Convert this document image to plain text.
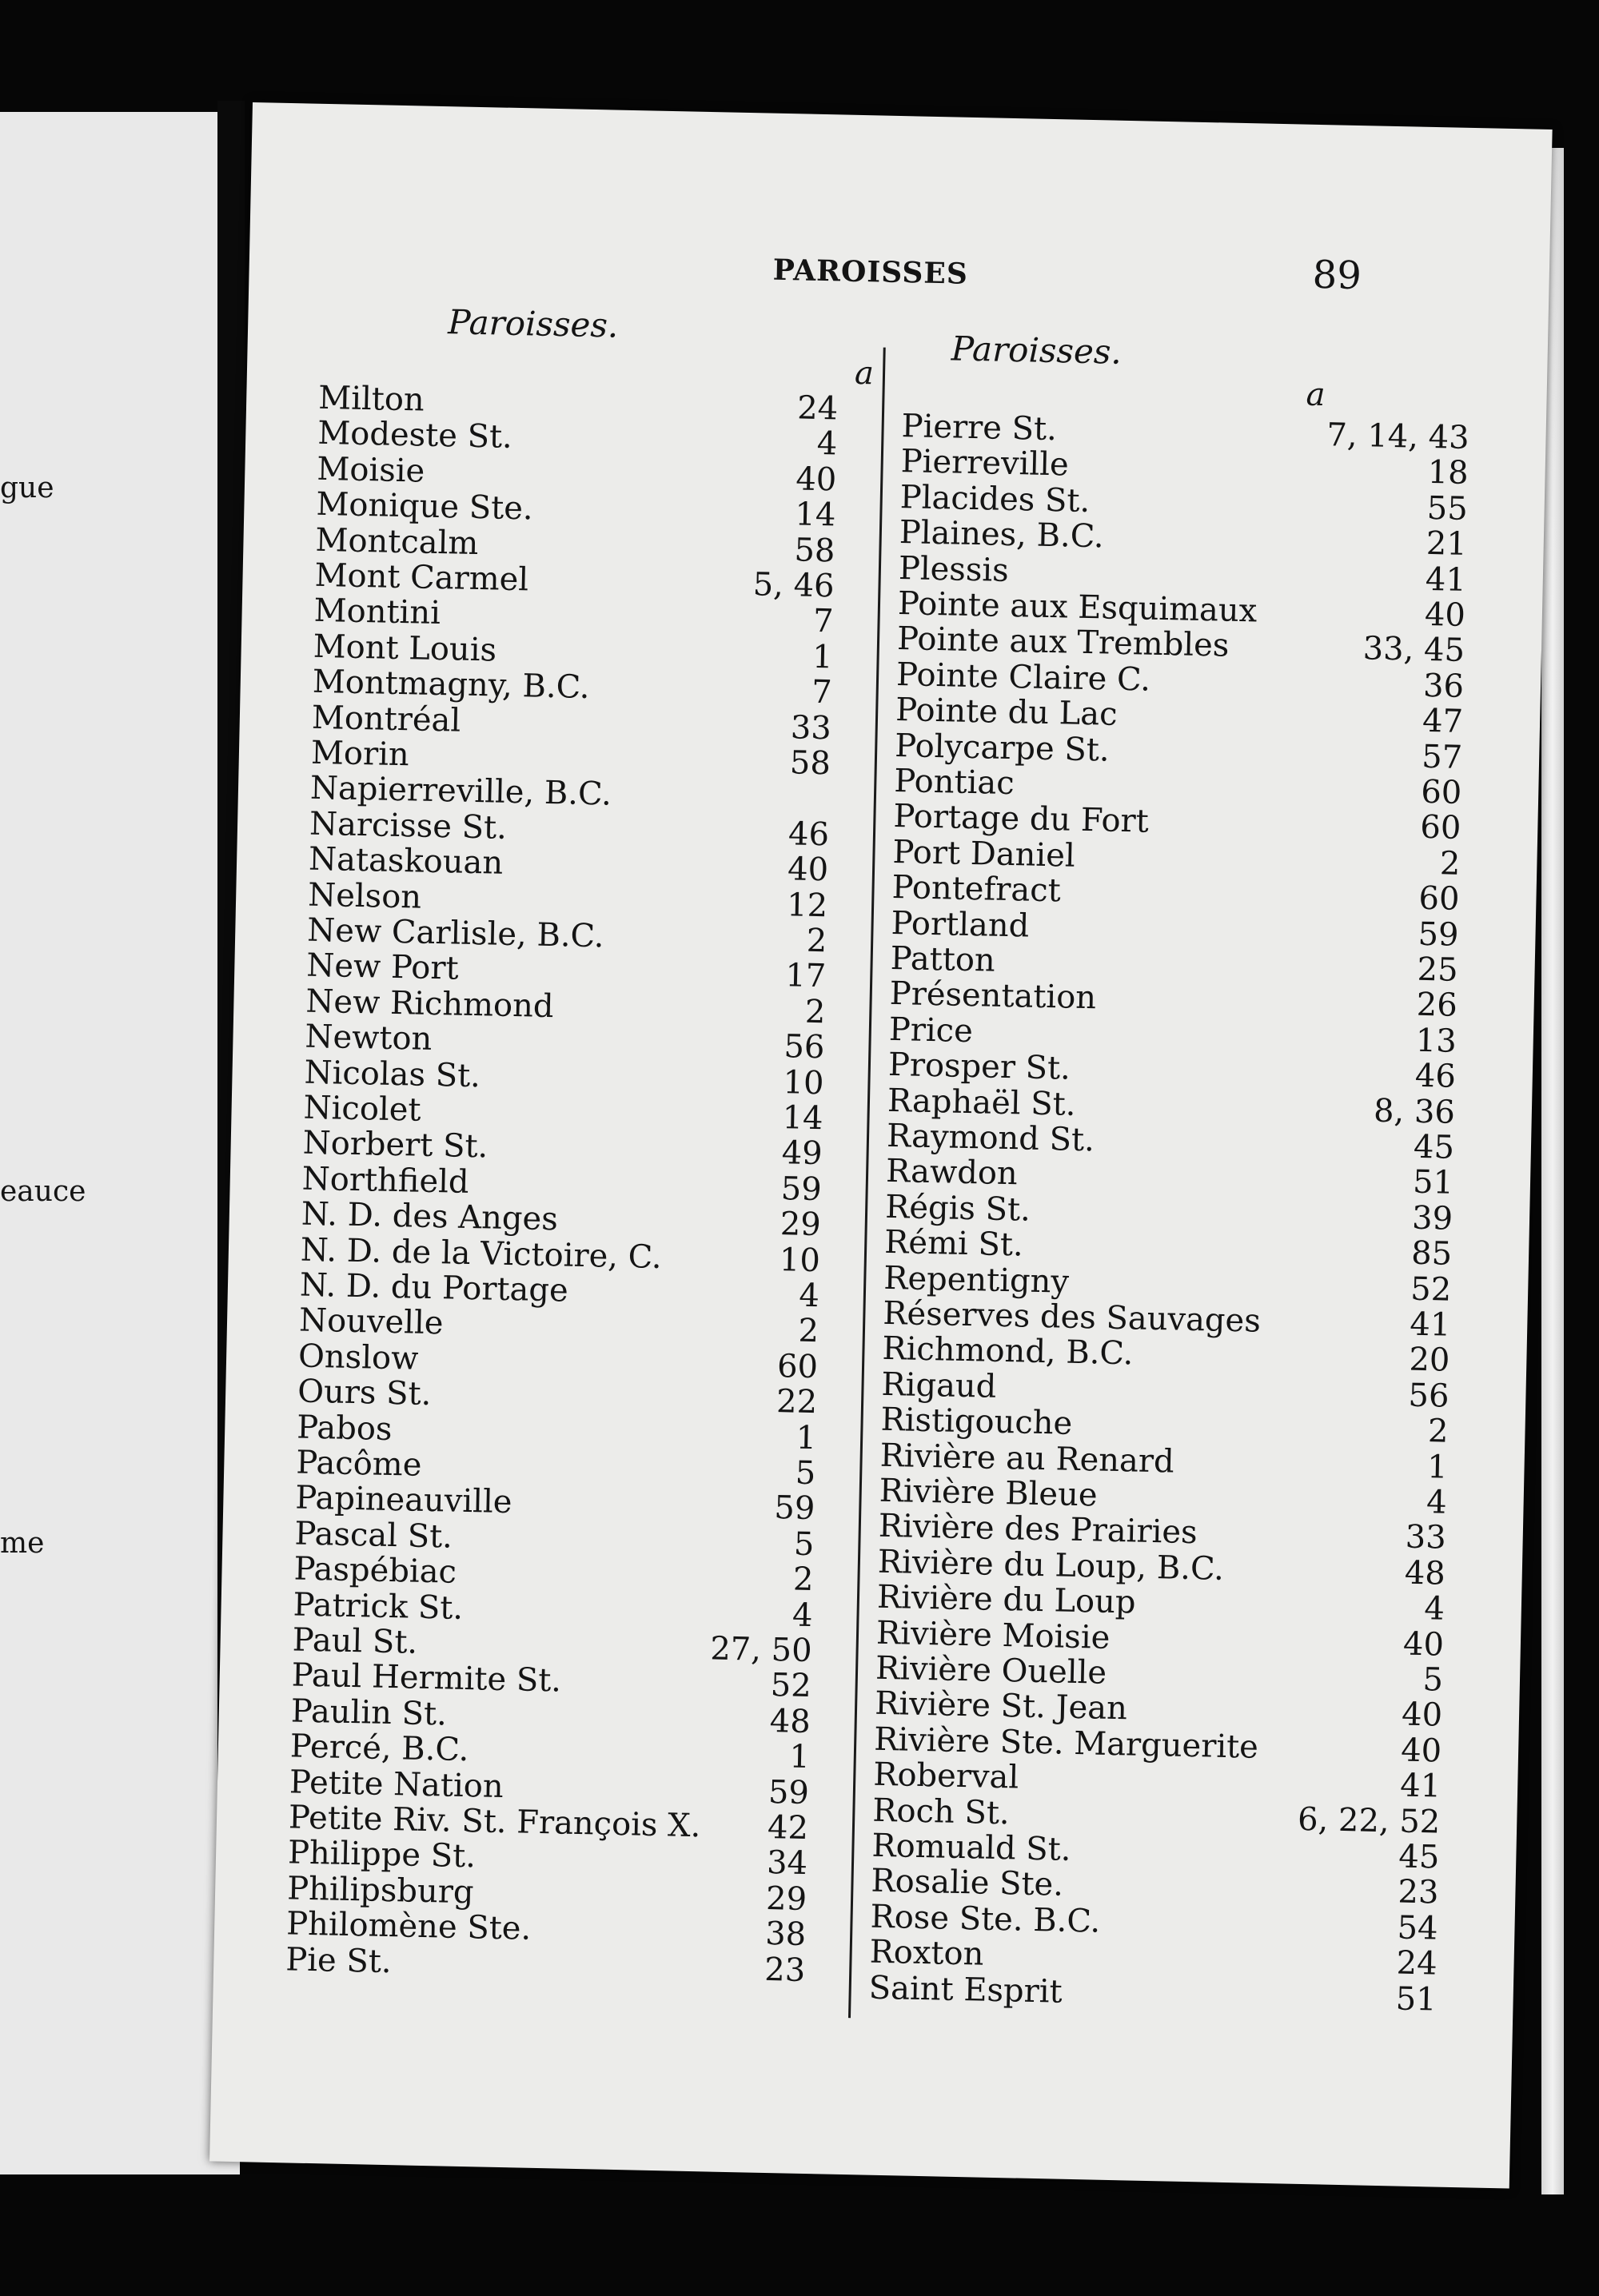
gue
eauce
me
PAROISSES	89
Paroisses.
a
Paroisses.
a
Milton	24
Modeste St.	4
Moisie	40
Monique Ste.	14
Montcalm	58
Mont Carmel	5, 46
Montini	7
Mont Louis	1
Montmagny, B.C.	7
Montréal	33
Morin	58
Napierreville, B.C.
Narcisse St.	46
Nataskouan	40
Nelson	12
New Carlisle, B.C.	2
New Port	17
New Richmond	2
Newton	56
Nicolas St.	10
Nicolet	14
Norbert St.	49
Northfield	59
N. D. des Anges	29
N. D. de la Victoire, C.	10
N. D. du Portage	4
Nouvelle	2
Onslow	60
Ours St.	22
Pabos	1
Pacôme	5
Papineauville	59
Pascal St.	5
Paspébiac	2
Patrick St.	4
Paul St.	27, 50
Paul Hermite St.	52
Paulin St.	48
Percé, B.C.	1
Petite Nation	59
Petite Riv. St. François X.	42
Philippe St.	34
Philipsburg	29
Philomène Ste.	38
Pie St.	23
Pierre St.	7, 14, 43
Pierreville	18
Placides St.	55
Plaines, B.C.	21
Plessis	41
Pointe aux Esquimaux	40
Pointe aux Trembles	33, 45
Pointe Claire C.	36
Pointe du Lac	47
Polycarpe St.	57
Pontiac	60
Portage du Fort	60
Port Daniel	2
Pontefract	60
Portland	59
Patton	25
Présentation	26
Price	13
Prosper St.	46
Raphaël St.	8, 36
Raymond St.	45
Rawdon	51
Régis St.	39
Rémi St.	85
Repentigny	52
Réserves des Sauvages	41
Richmond, B.C.	20
Rigaud	56
Ristigouche	2
Rivière au Renard	1
Rivière Bleue	4
Rivière des Prairies	33
Rivière du Loup, B.C.	48
Rivière du Loup	4
Rivière Moisie	40
Rivière Ouelle	5
Rivière St. Jean	40
Rivière Ste. Marguerite	40
Roberval	41
Roch St.	6, 22, 52
Romuald St.	45
Rosalie Ste.	23
Rose Ste. B.C.	54
Roxton	24
Saint Esprit	51
